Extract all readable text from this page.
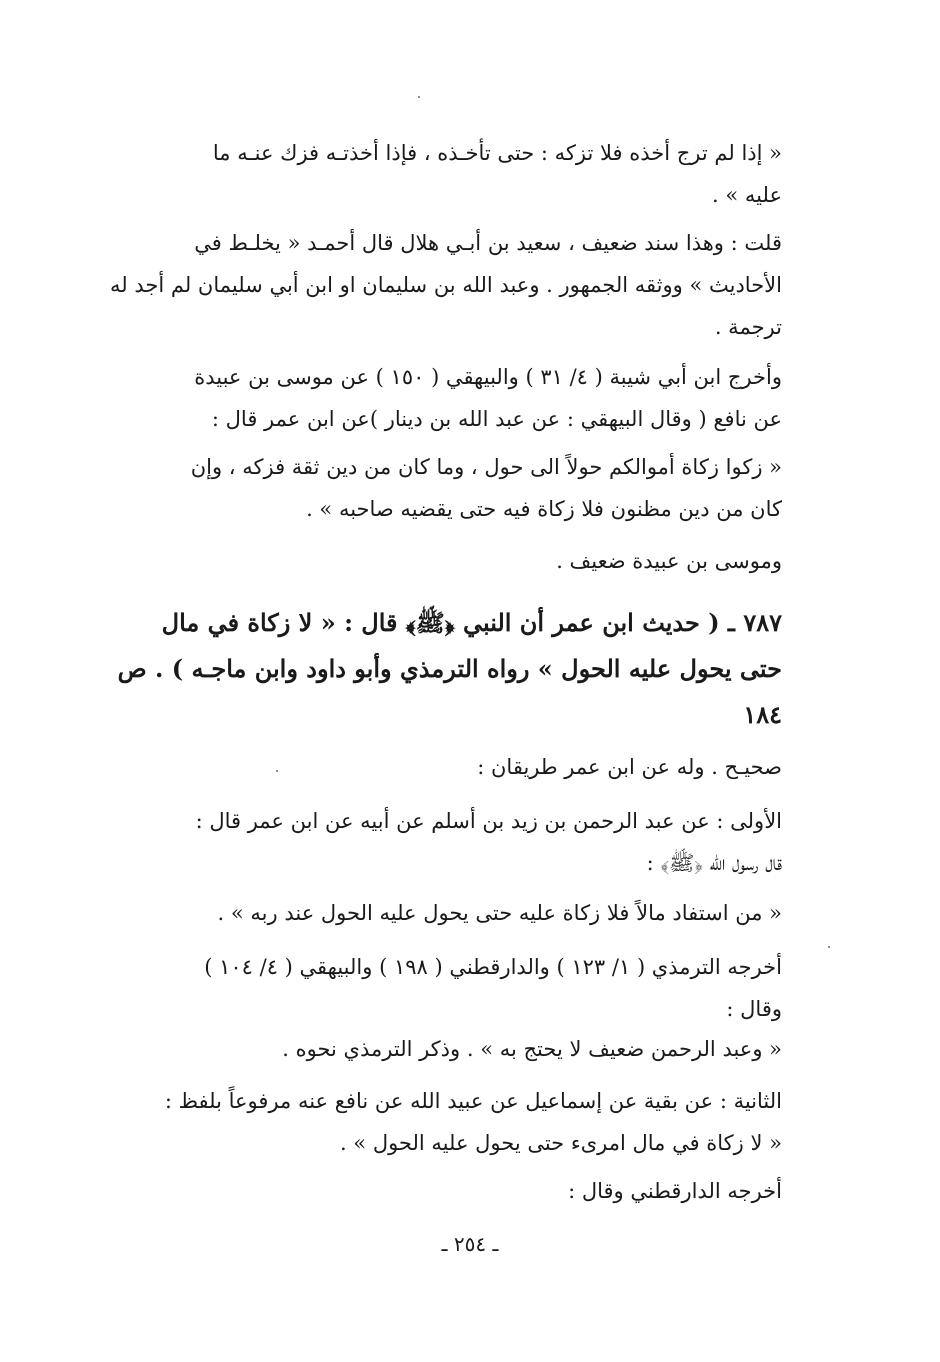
« إذا لم ترج أخذه فلا تزكه : حتى تأخـذه ، فإذا أخذتـه فزك عنـه ما
عليه » .

قلت : وهذا سند ضعيف ، سعيد بن أبـي هلال قال أحمـد « يخلـط في
الأحاديث » ووثقه الجمهور . وعبد الله بن سليمان او ابن أبي سليمان لم أجد له
ترجمة .

وأخرج ابن أبي شيبة ( ٤/ ٣١ ) والبيهقي ( ١٥٠ ) عن موسى بن عبيدة
عن نافع ( وقال البيهقي : عن عبد الله بن دينار )عن ابن عمر قال :

« زكوا زكاة أموالكم حولاً الى حول ، وما كان من دين ثقة فزكه ، وإن
كان من دين مظنون فلا زكاة فيه حتى يقضيه صاحبه » .

وموسى بن عبيدة ضعيف .

٧٨٧ ـ ( حديث ابن عمر أن النبي ﴿ﷺ﴾ قال : « لا زكاة في مال
حتى يحول عليه الحول » رواه الترمذي وأبو داود وابن ماجـه ) . ص
١٨٤

صحيـح . وله عن ابن عمر طريقان :

الأولى : عن عبد الرحمن بن زيد بن أسلم عن أبيه عن ابن عمر قال :
قال رسول الله ﴿ﷺ﴾ :

« من استفاد مالاً فلا زكاة عليه حتى يحول عليه الحول عند ربه » .

أخرجه الترمذي ( ١/ ١٢٣ ) والدارقطني ( ١٩٨ ) والبيهقي ( ٤/ ١٠٤ )
وقال :

« وعبد الرحمن ضعيف لا يحتج به » . وذكر الترمذي نحوه .

الثانية : عن بقية عن إسماعيل عن عبيد الله عن نافع عنه مرفوعاً بلفظ :
« لا زكاة في مال امرىء حتى يحول عليه الحول » .

أخرجه الدارقطني وقال :

ـ ٢٥٤ ـ
